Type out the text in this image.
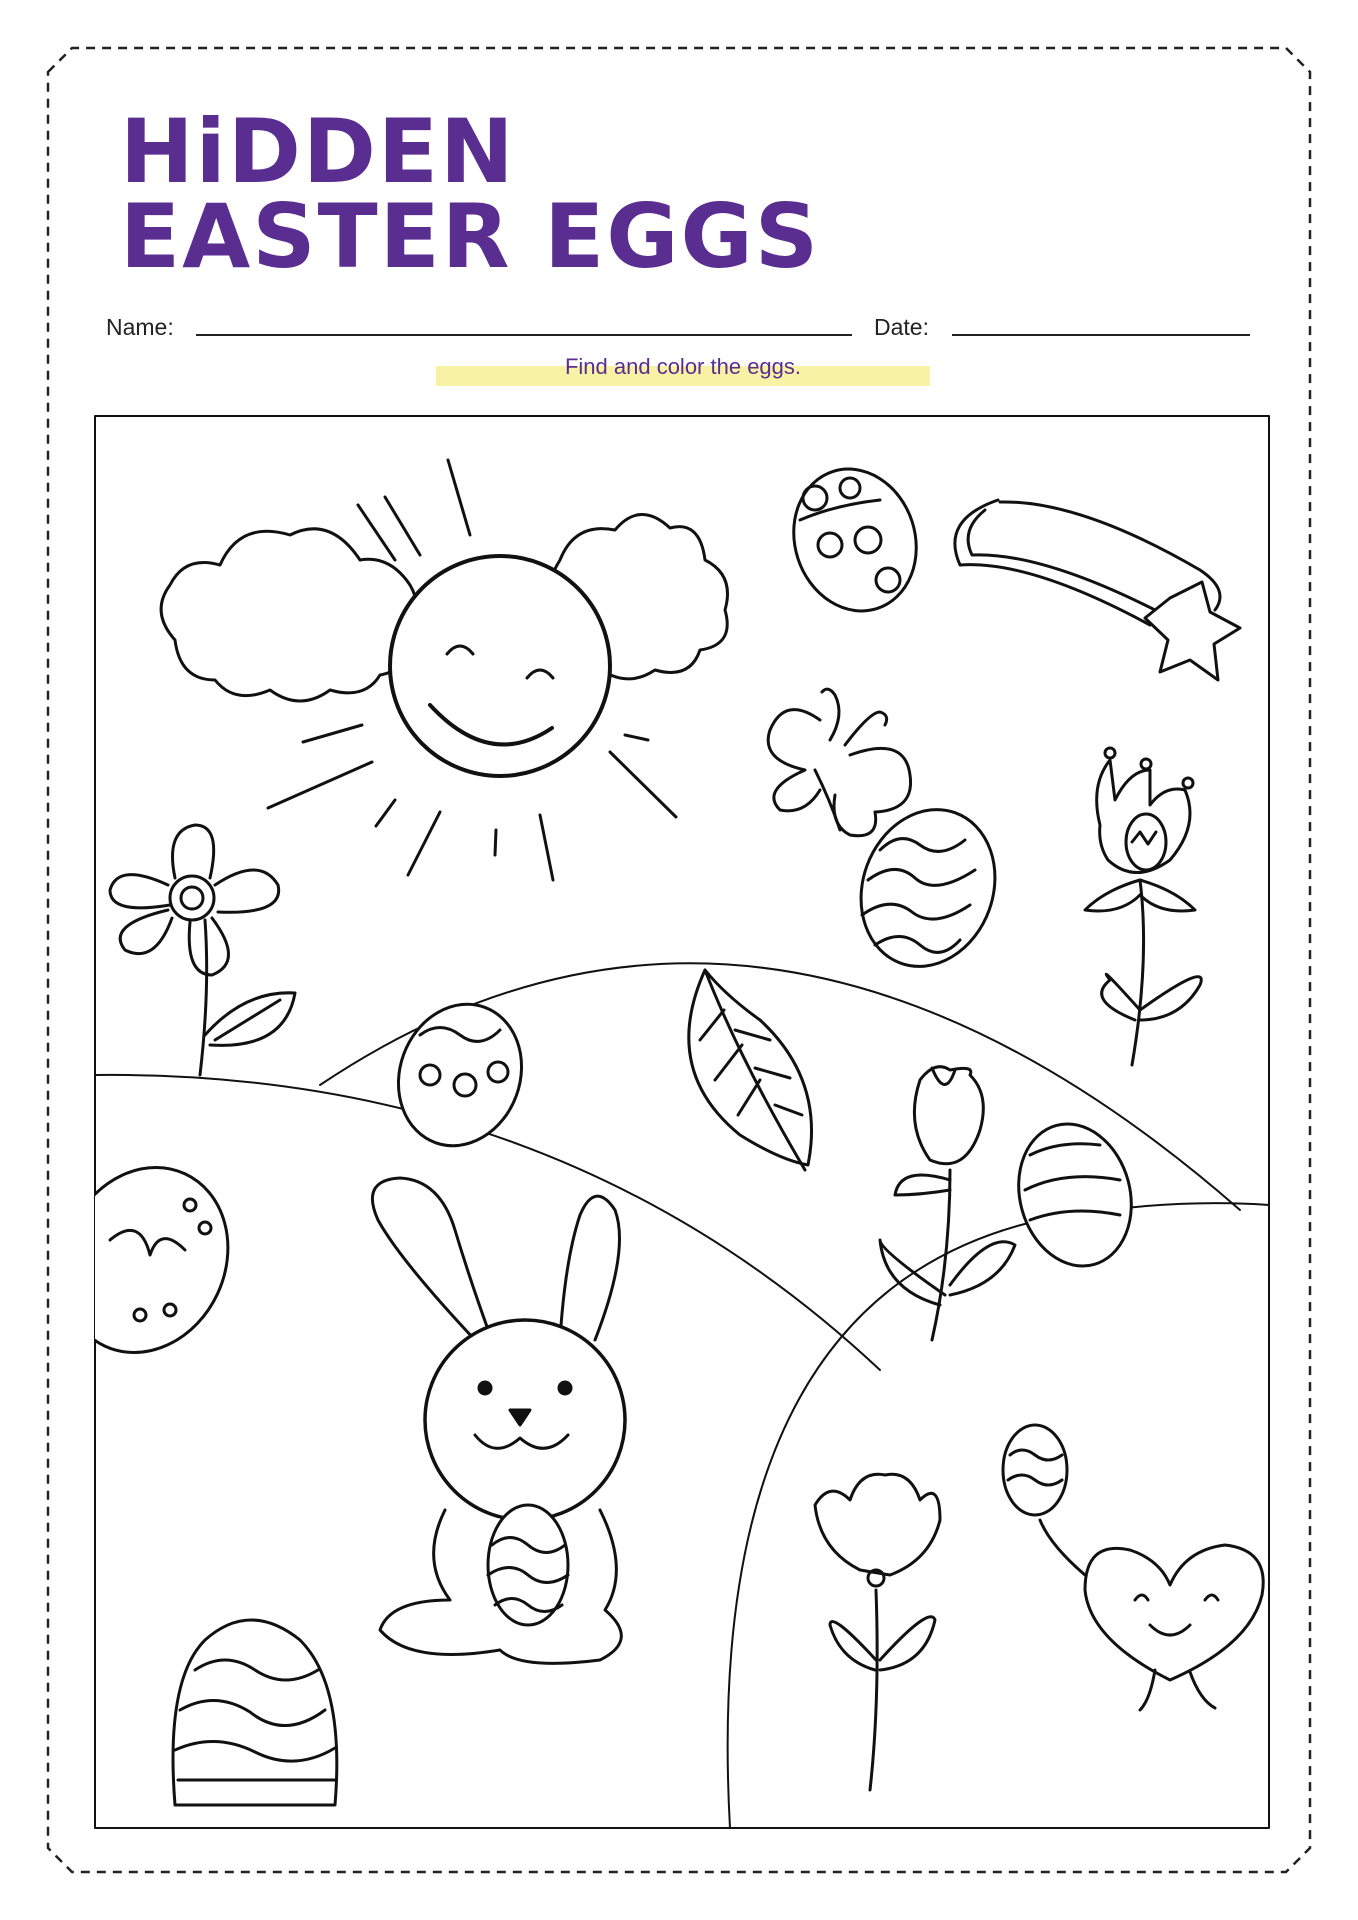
HiDDEN
EASTER EGGS
Name:	Date:
Find and color the eggs.
